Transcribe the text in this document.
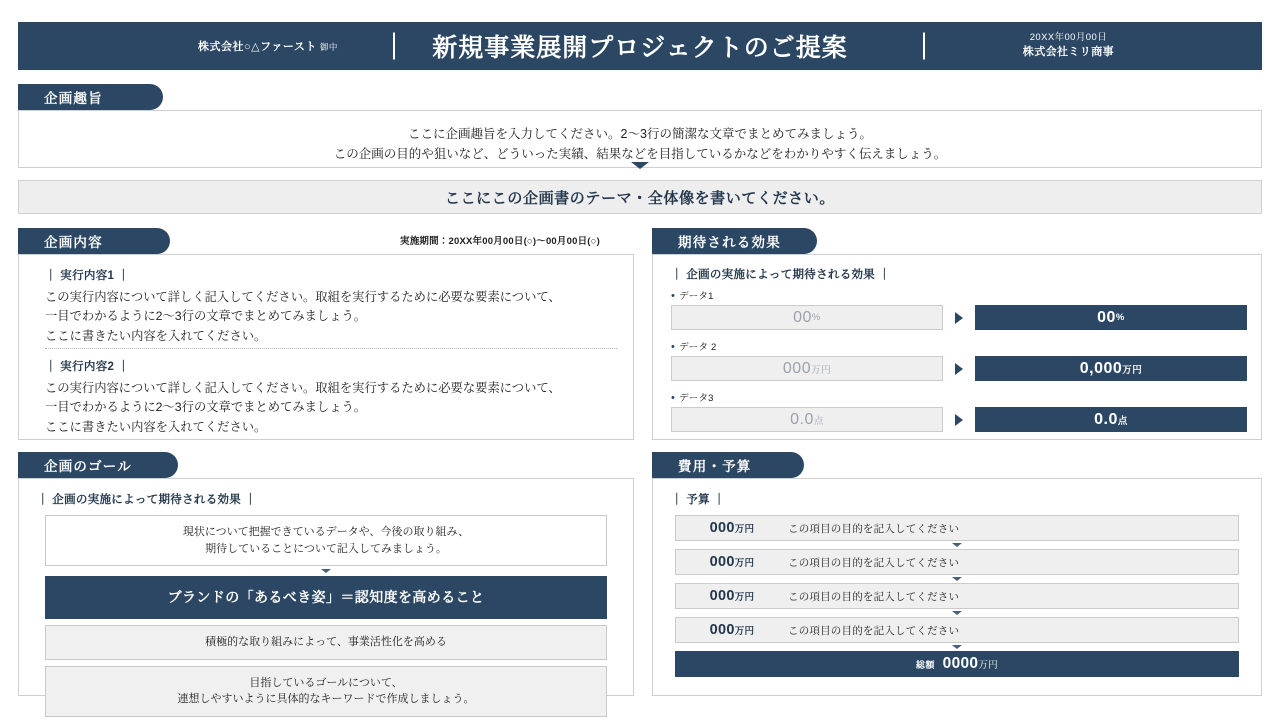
株式会社○△ファースト 御中	新規事業展開プロジェクトのご提案	20XX年00月00日
株式会社ミリ商事
企画趣旨
ここに企画趣旨を入力してください。2〜3行の簡潔な文章でまとめてみましょう。
この企画の目的や狙いなど、どういった実績、結果などを目指しているかなどをわかりやすく伝えましょう。
ここにこの企画書のテーマ・全体像を書いてください。
企画内容	実施期間：20XX年00月00日(○)〜00月00日(○)
｜ 実行内容1 ｜
この実行内容について詳しく記入してください。取組を実行するために必要な要素について、
一目でわかるように2〜3行の文章でまとめてみましょう。
ここに書きたい内容を入れてください。
｜ 実行内容2 ｜
この実行内容について詳しく記入してください。取組を実行するために必要な要素について、
一目でわかるように2〜3行の文章でまとめてみましょう。
ここに書きたい内容を入れてください。
期待される効果
｜ 企画の実施によって期待される効果 ｜
• データ1
00 %	00 %
• データ 2
000 万円	0,000 万円
• データ3
0.0 点	0.0 点
企画のゴール
｜ 企画の実施によって期待される効果 ｜
現状について把握できているデータや、今後の取り組み、
期待していることについて記入してみましょう。
ブランドの「あるべき姿」＝認知度を高めること
積極的な取り組みによって、事業活性化を高める
目指しているゴールについて、
連想しやすいように具体的なキーワードで作成しましょう。
費用・予算
｜ 予算 ｜
000万円	この項目の目的を記入してください
000万円	この項目の目的を記入してください
000万円	この項目の目的を記入してください
000万円	この項目の目的を記入してください
総額 0000 万円
